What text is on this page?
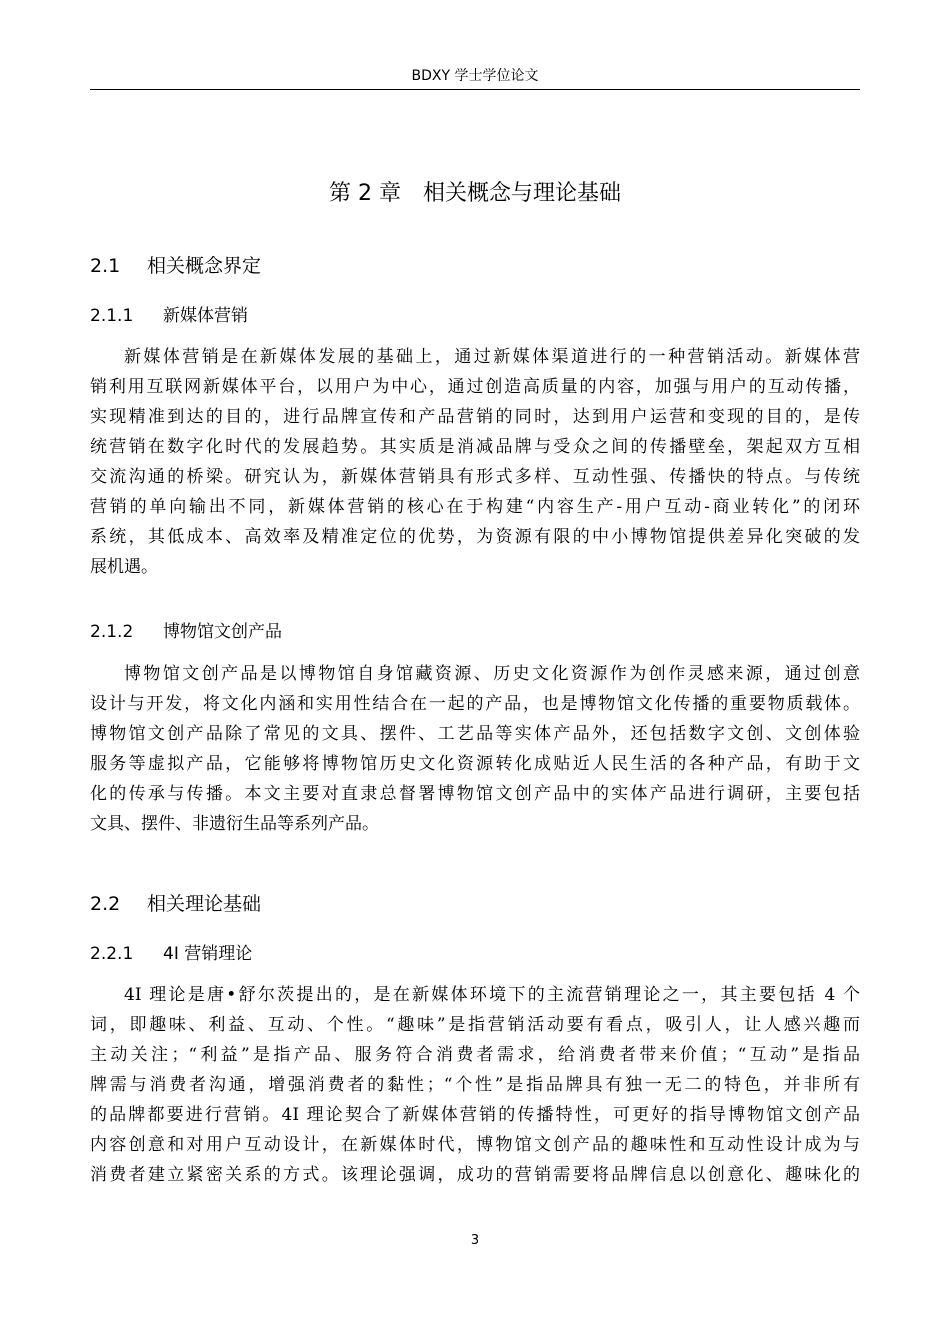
BDXY 学士学位论文
第 2 章　相关概念与理论基础
2.1 相关概念界定
2.1.1 新媒体营销
新媒体营销是在新媒体发展的基础上，通过新媒体渠道进行的一种营销活动。新媒体营
销利用互联网新媒体平台，以用户为中心，通过创造高质量的内容，加强与用户的互动传播，
实现精准到达的目的，进行品牌宣传和产品营销的同时，达到用户运营和变现的目的，是传
统营销在数字化时代的发展趋势。其实质是消减品牌与受众之间的传播壁垒，架起双方互相
交流沟通的桥梁。研究认为，新媒体营销具有形式多样、互动性强、传播快的特点。与传统
营销的单向输出不同，新媒体营销的核心在于构建“内容生产-用户互动-商业转化”的闭环
系统，其低成本、高效率及精准定位的优势，为资源有限的中小博物馆提供差异化突破的发
展机遇。
2.1.2 博物馆文创产品
博物馆文创产品是以博物馆自身馆藏资源、历史文化资源作为创作灵感来源，通过创意
设计与开发，将文化内涵和实用性结合在一起的产品，也是博物馆文化传播的重要物质载体。
博物馆文创产品除了常见的文具、摆件、工艺品等实体产品外，还包括数字文创、文创体验
服务等虚拟产品，它能够将博物馆历史文化资源转化成贴近人民生活的各种产品，有助于文
化的传承与传播。本文主要对直隶总督署博物馆文创产品中的实体产品进行调研，主要包括
文具、摆件、非遗衍生品等系列产品。
2.2 相关理论基础
2.2.1 4I 营销理论
4I 理论是唐•舒尔茨提出的，是在新媒体环境下的主流营销理论之一，其主要包括 4 个
词，即趣味、利益、互动、个性。“趣味”是指营销活动要有看点，吸引人，让人感兴趣而
主动关注；“利益”是指产品、服务符合消费者需求，给消费者带来价值；“互动”是指品
牌需与消费者沟通，增强消费者的黏性；“个性”是指品牌具有独一无二的特色，并非所有
的品牌都要进行营销。4I 理论契合了新媒体营销的传播特性，可更好的指导博物馆文创产品
内容创意和对用户互动设计，在新媒体时代，博物馆文创产品的趣味性和互动性设计成为与
消费者建立紧密关系的方式。该理论强调，成功的营销需要将品牌信息以创意化、趣味化的
3
